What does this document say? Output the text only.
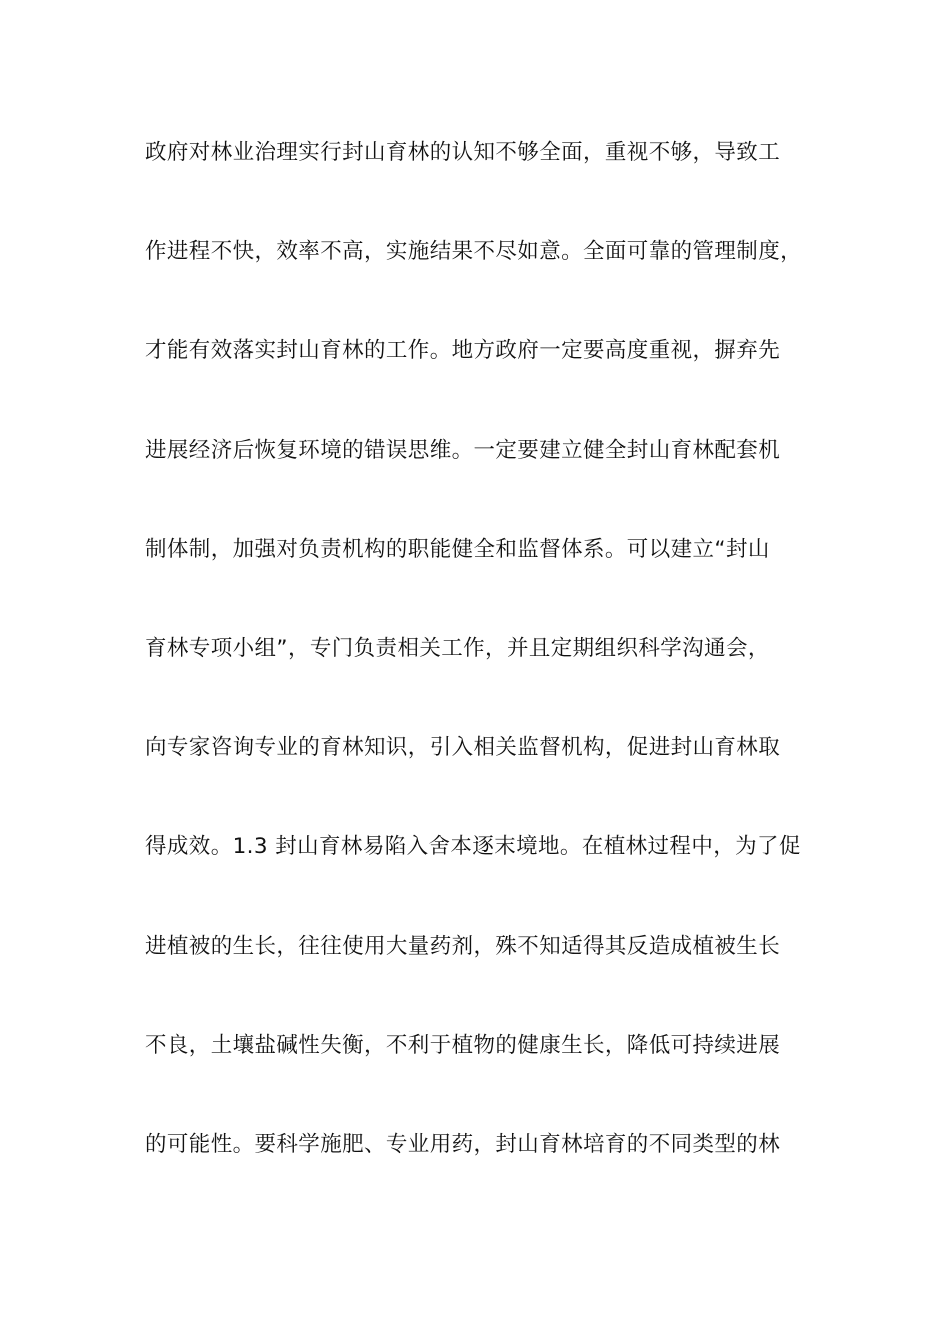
政府对林业治理实行封山育林的认知不够全面，重视不够，导致工
作进程不快，效率不高，实施结果不尽如意。全面可靠的管理制度，
才能有效落实封山育林的工作。地方政府一定要高度重视，摒弃先
进展经济后恢复环境的错误思维。一定要建立健全封山育林配套机
制体制，加强对负责机构的职能健全和监督体系。可以建立“封山
育林专项小组”，专门负责相关工作，并且定期组织科学沟通会，
向专家咨询专业的育林知识，引入相关监督机构，促进封山育林取
得成效。1.3 封山育林易陷入舍本逐末境地。在植林过程中，为了促
进植被的生长，往往使用大量药剂，殊不知适得其反造成植被生长
不良，土壤盐碱性失衡，不利于植物的健康生长，降低可持续进展
的可能性。要科学施肥、专业用药，封山育林培育的不同类型的林
